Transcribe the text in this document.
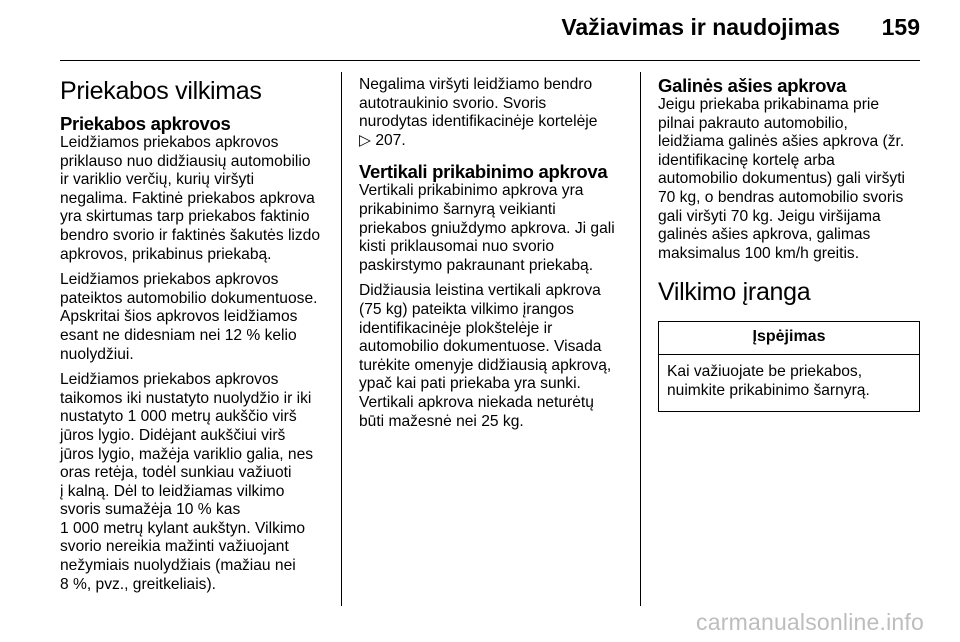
Važiavimas ir naudojimas 159
Priekabos vilkimas
Priekabos apkrovos

Leidžiamos priekabos apkrovos
priklauso nuo didžiausių automobilio
ir variklio verčių, kurių viršyti
negalima. Faktinė priekabos apkrova
yra skirtumas tarp priekabos faktinio
bendro svorio ir faktinės šakutės lizdo
apkrovos, prikabinus priekabą.

Leidžiamos priekabos apkrovos
pateiktos automobilio dokumentuose.
Apskritai šios apkrovos leidžiamos
esant ne didesniam nei 12 % kelio
nuolydžiui.

Leidžiamos priekabos apkrovos
taikomos iki nustatyto nuolydžio ir iki
nustatyto 1 000 metrų aukščio virš
jūros lygio. Didėjant aukščiui virš
jūros lygio, mažėja variklio galia, nes
oras retėja, todėl sunkiau važiuoti
į kalną. Dėl to leidžiamas vilkimo
svoris sumažėja 10 % kas
1 000 metrų kylant aukštyn. Vilkimo
svorio nereikia mažinti važiuojant
nežymiais nuolydžiais (mažiau nei
8 %, pvz., greitkeliais).

Negalima viršyti leidžiamo bendro
autotraukinio svorio. Svoris
nurodytas identifikacinėje kortelėje
▷ 207.

Vertikali prikabinimo apkrova

Vertikali prikabinimo apkrova yra
prikabinimo šarnyrą veikianti
priekabos gniuždymo apkrova. Ji gali
kisti priklausomai nuo svorio
paskirstymo pakraunant priekabą.

Didžiausia leistina vertikali apkrova
(75 kg) pateikta vilkimo įrangos
identifikacinėje plokštelėje ir
automobilio dokumentuose. Visada
turėkite omenyje didžiausią apkrovą,
ypač kai pati priekaba yra sunki.
Vertikali apkrova niekada neturėtų
būti mažesnė nei 25 kg.

Galinės ašies apkrova

Jeigu priekaba prikabinama prie
pilnai pakrauto automobilio,
leidžiama galinės ašies apkrova (žr.
identifikacinę kortelę arba
automobilio dokumentus) gali viršyti
70 kg, o bendras automobilio svoris
gali viršyti 70 kg. Jeigu viršijama
galinės ašies apkrova, galimas
maksimalus 100 km/h greitis.

Vilkimo įranga
Įspėjimas
Kai važiuojate be priekabos,
nuimkite prikabinimo šarnyrą.
carmanualsonline.info
